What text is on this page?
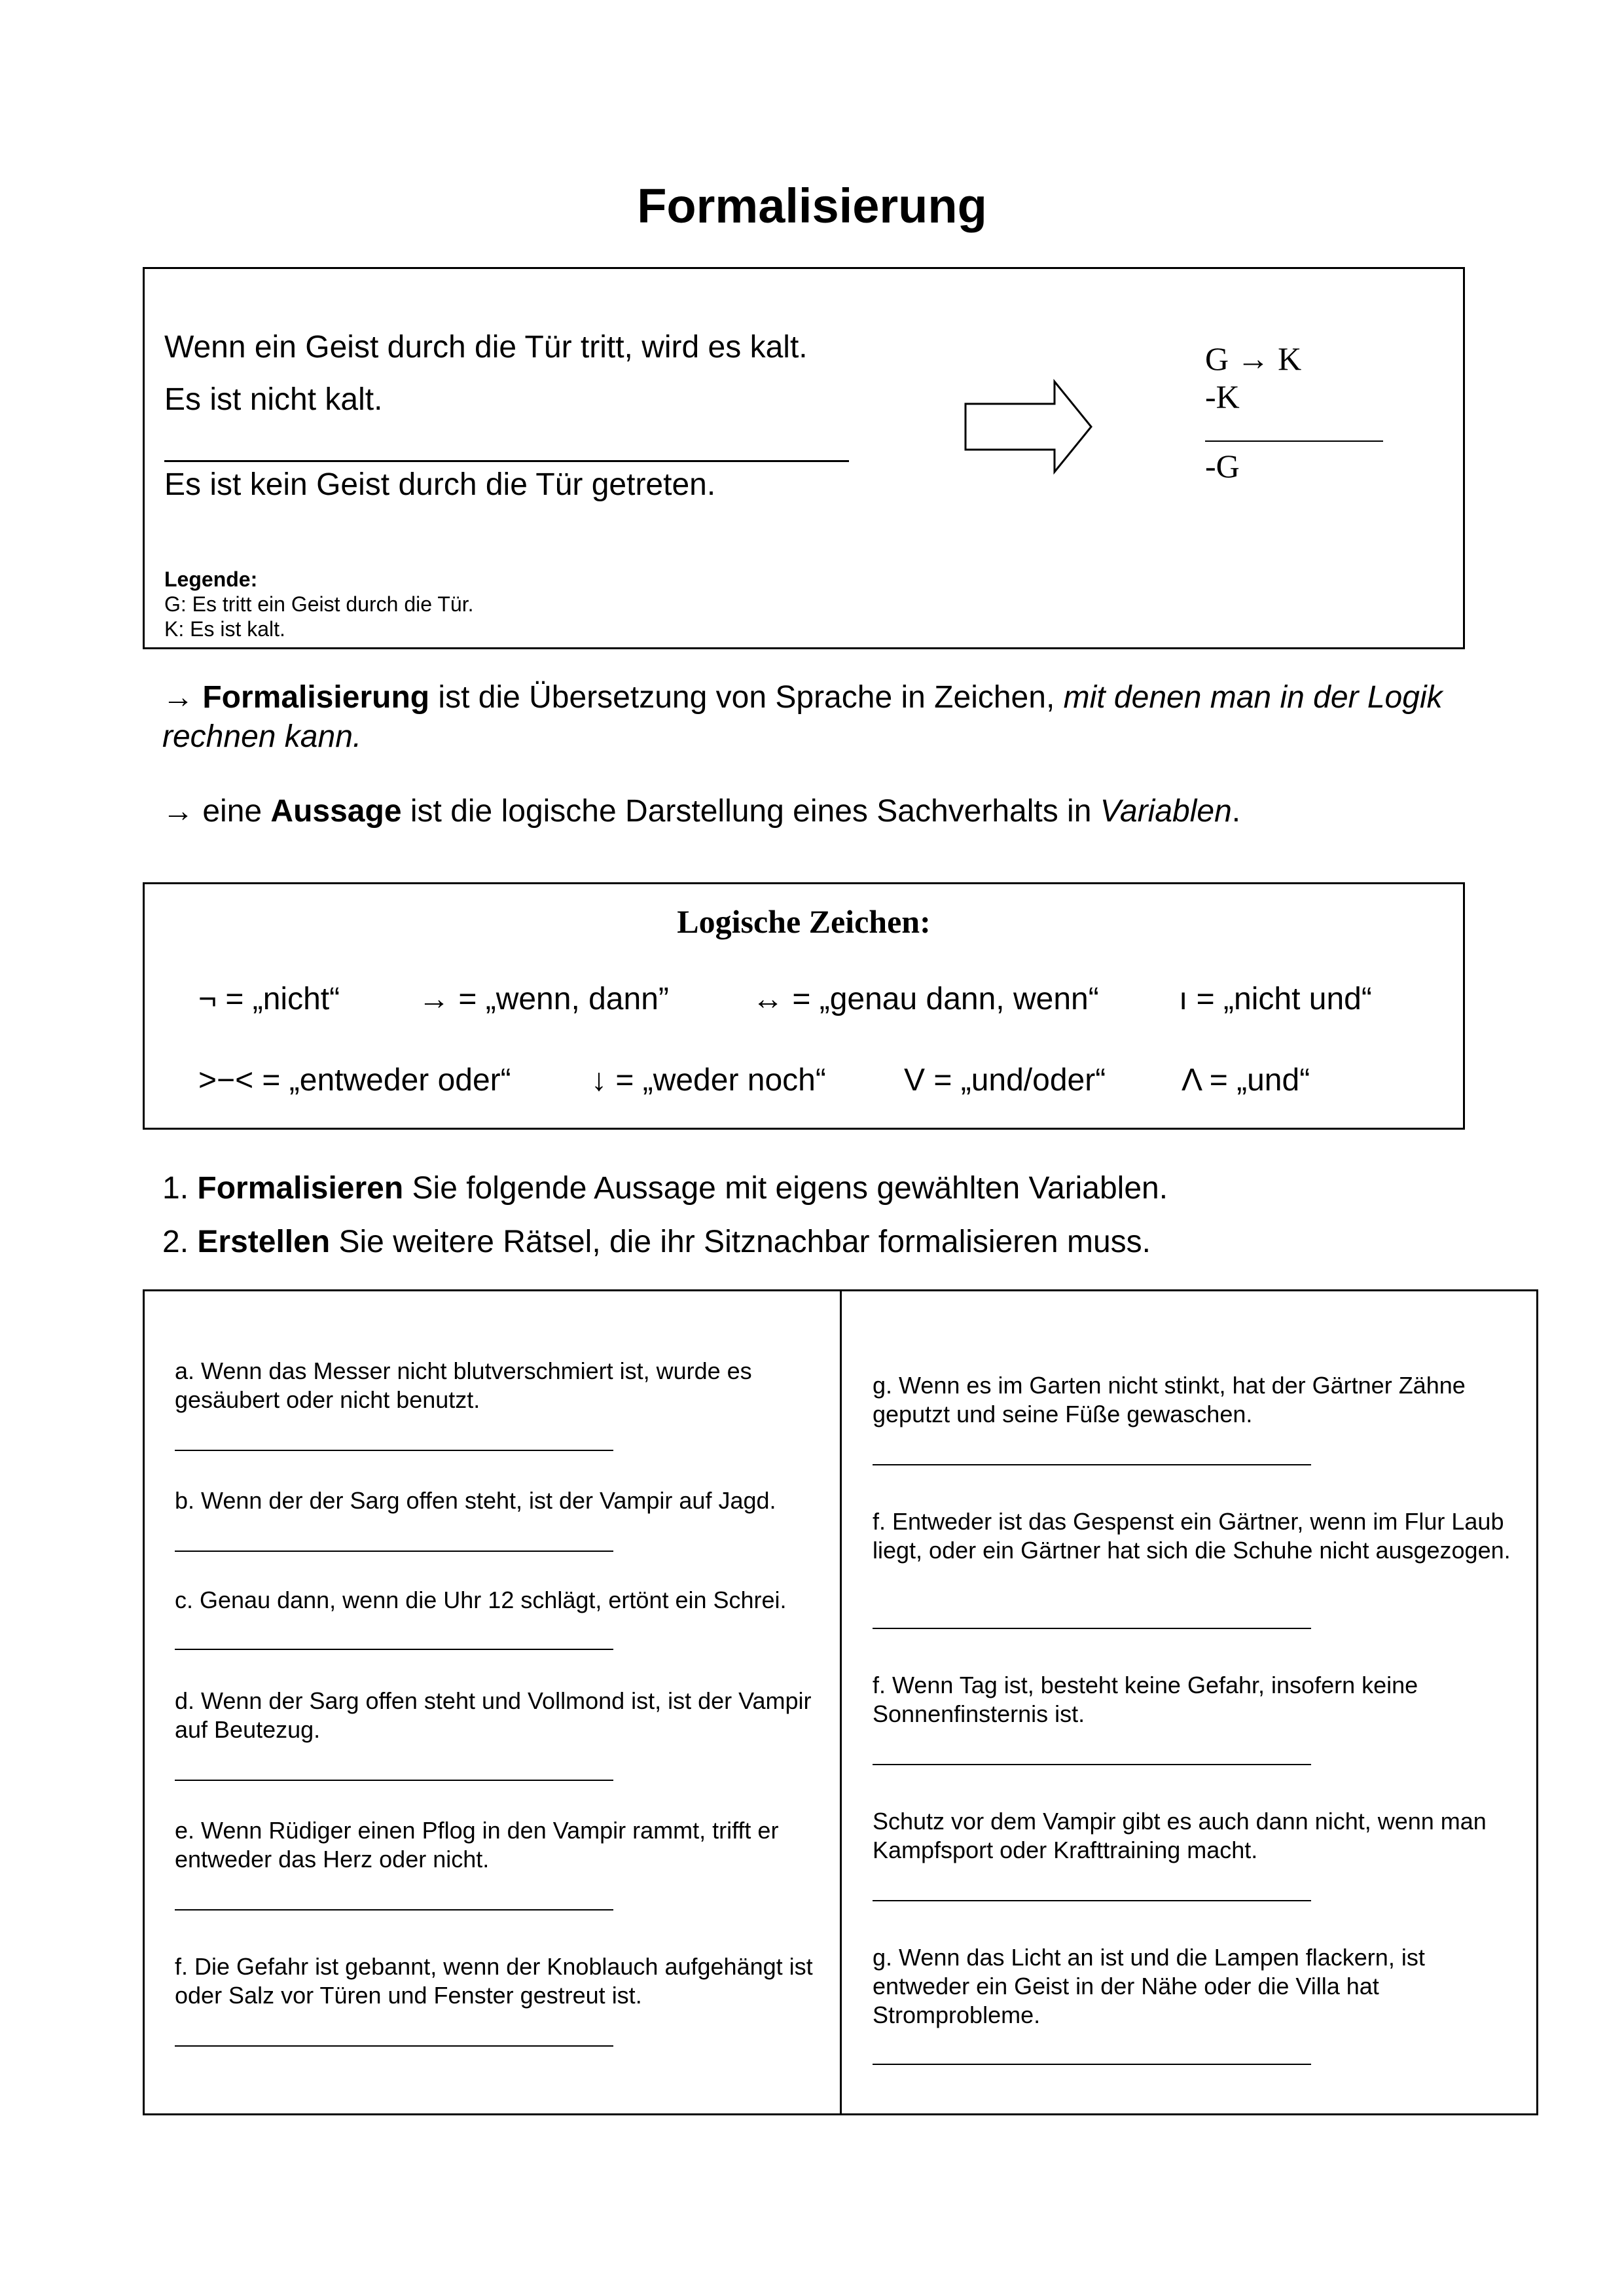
Formalisierung
Wenn ein Geist durch die Tür tritt, wird es kalt.
Es ist nicht kalt.
Es ist kein Geist durch die Tür getreten.
G → K
-K
-G
Legende:
G: Es tritt ein Geist durch die Tür.
K: Es ist kalt.
→ Formalisierung ist die Übersetzung von Sprache in Zeichen, mit denen man in der Logik rechnen kann.
→ eine Aussage ist die logische Darstellung eines Sachverhalts in Variablen.
Logische Zeichen:
¬ = „nicht“ → = „wenn, dann”	↔ = „genau dann, wenn“	ı = „nicht und“
>−< = „entweder oder“	↓ = „weder noch“ V = „und/oder“ Λ = „und“
1. Formalisieren Sie folgende Aussage mit eigens gewählten Variablen.
2. Erstellen Sie weitere Rätsel, die ihr Sitznachbar formalisieren muss.
a. Wenn das Messer nicht blutverschmiert ist, wurde es gesäubert oder nicht benutzt.
b. Wenn der der Sarg offen steht, ist der Vampir auf Jagd.
c. Genau dann, wenn die Uhr 12 schlägt, ertönt ein Schrei.
d. Wenn der Sarg offen steht und Vollmond ist, ist der Vampir auf Beutezug.
e. Wenn Rüdiger einen Pflog in den Vampir rammt, trifft er entweder das Herz oder nicht.
f. Die Gefahr ist gebannt, wenn der Knoblauch aufgehängt ist oder Salz vor Türen und Fenster gestreut ist.
g. Wenn es im Garten nicht stinkt, hat der Gärtner Zähne geputzt und seine Füße gewaschen.
f. Entweder ist das Gespenst ein Gärtner, wenn im Flur Laub liegt, oder ein Gärtner hat sich die Schuhe nicht ausgezogen.
f. Wenn Tag ist, besteht keine Gefahr, insofern keine Sonnenfinsternis ist.
Schutz vor dem Vampir gibt es auch dann nicht, wenn man Kampfsport oder Krafttraining macht.
g. Wenn das Licht an ist und die Lampen flackern, ist entweder ein Geist in der Nähe oder die Villa hat Stromprobleme.
